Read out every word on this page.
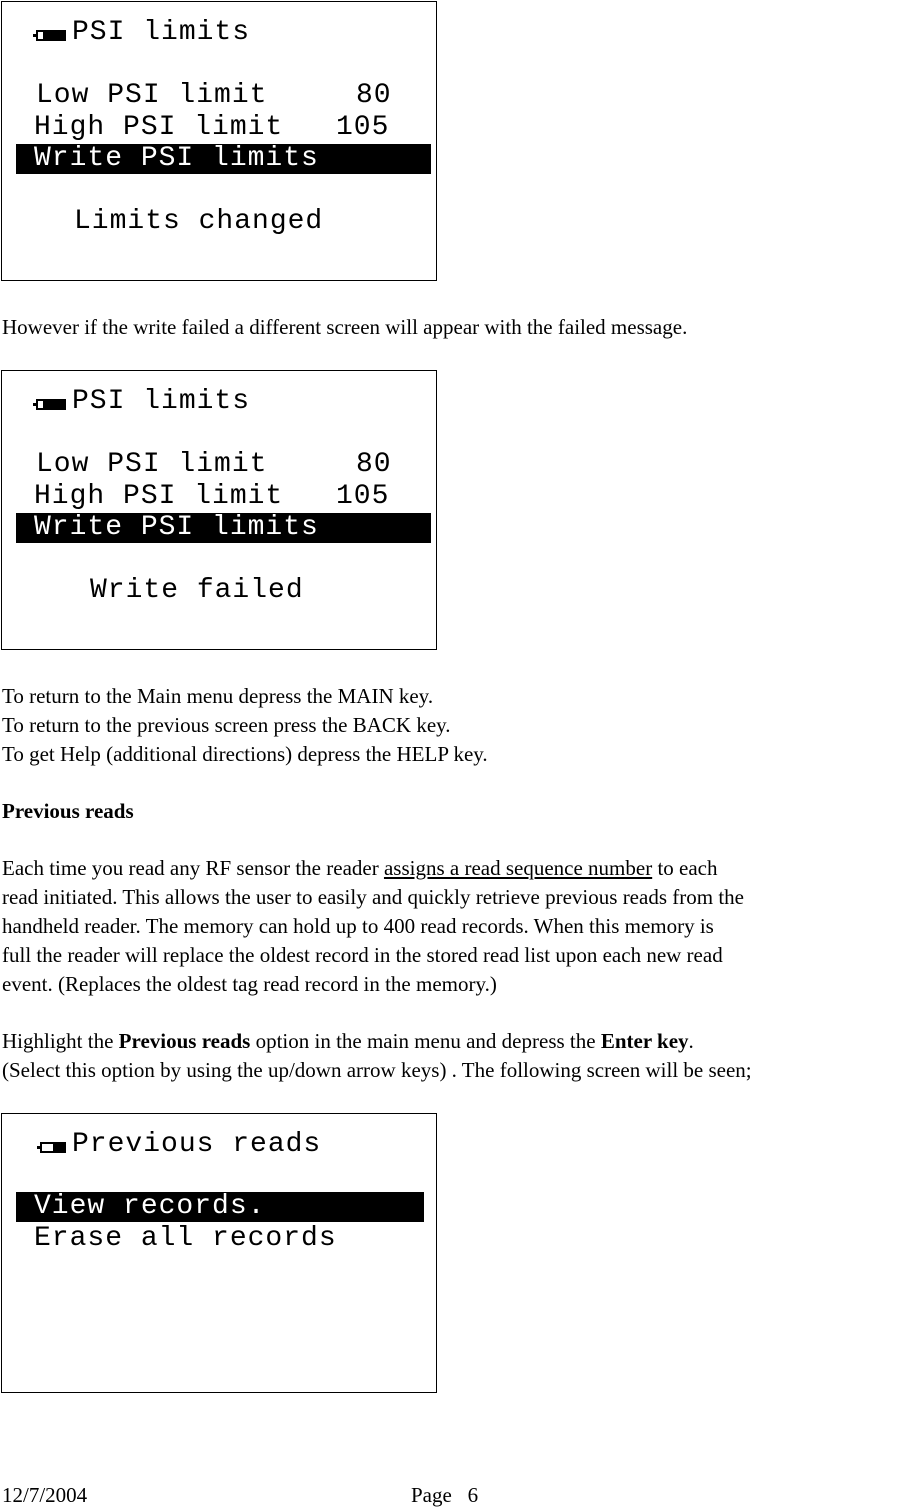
PSI limits
Low PSI limit	80
High PSI limit 105
Write PSI limits
Limits changed
However if the write failed a different screen will appear with the failed message.
PSI limits
Low PSI limit	80
High PSI limit 105
Write PSI limits
Write failed
To return to the Main menu depress the MAIN key.
To return to the previous screen press the BACK key.
To get Help (additional directions) depress the HELP key.
Previous reads
Each time you read any RF sensor the reader assigns a read sequence number to each
read initiated. This allows the user to easily and quickly retrieve previous reads from the
handheld reader. The memory can hold up to 400 read records. When this memory is
full the reader will replace the oldest record in the stored read list upon each new read
event. (Replaces the oldest tag read record in the memory.)
Highlight the Previous reads option in the main menu and depress the Enter key.
(Select this option by using the up/down arrow keys) . The following screen will be seen;
Previous reads
View records.
Erase all records
12/7/2004	Page 6
